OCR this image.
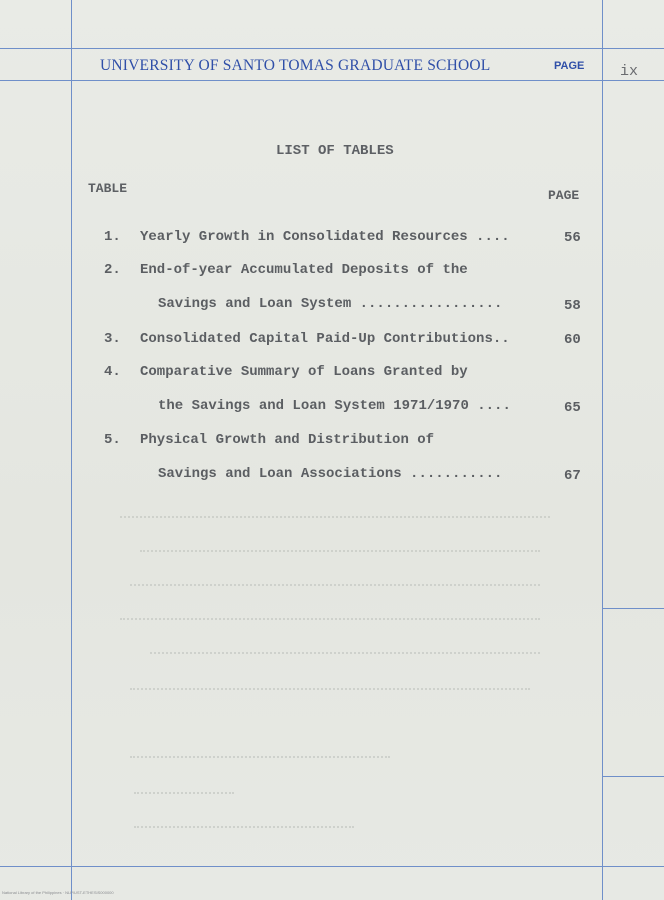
UNIVERSITY OF SANTO TOMAS GRADUATE SCHOOL	PAGE ix
LIST OF TABLES
TABLE	PAGE
1. Yearly Growth in Consolidated Resources ....	56
2. End-of-year Accumulated Deposits of the
Savings and Loan System .................	58
3. Consolidated Capital Paid-Up Contributions..	60
4. Comparative Summary of Loans Granted by
the Savings and Loan System 1971/1970 ....	65
5. Physical Growth and Distribution of
Savings and Loan Associations ...........	67
National Library of the Philippines · NLP/UST-ETHESIS000000
